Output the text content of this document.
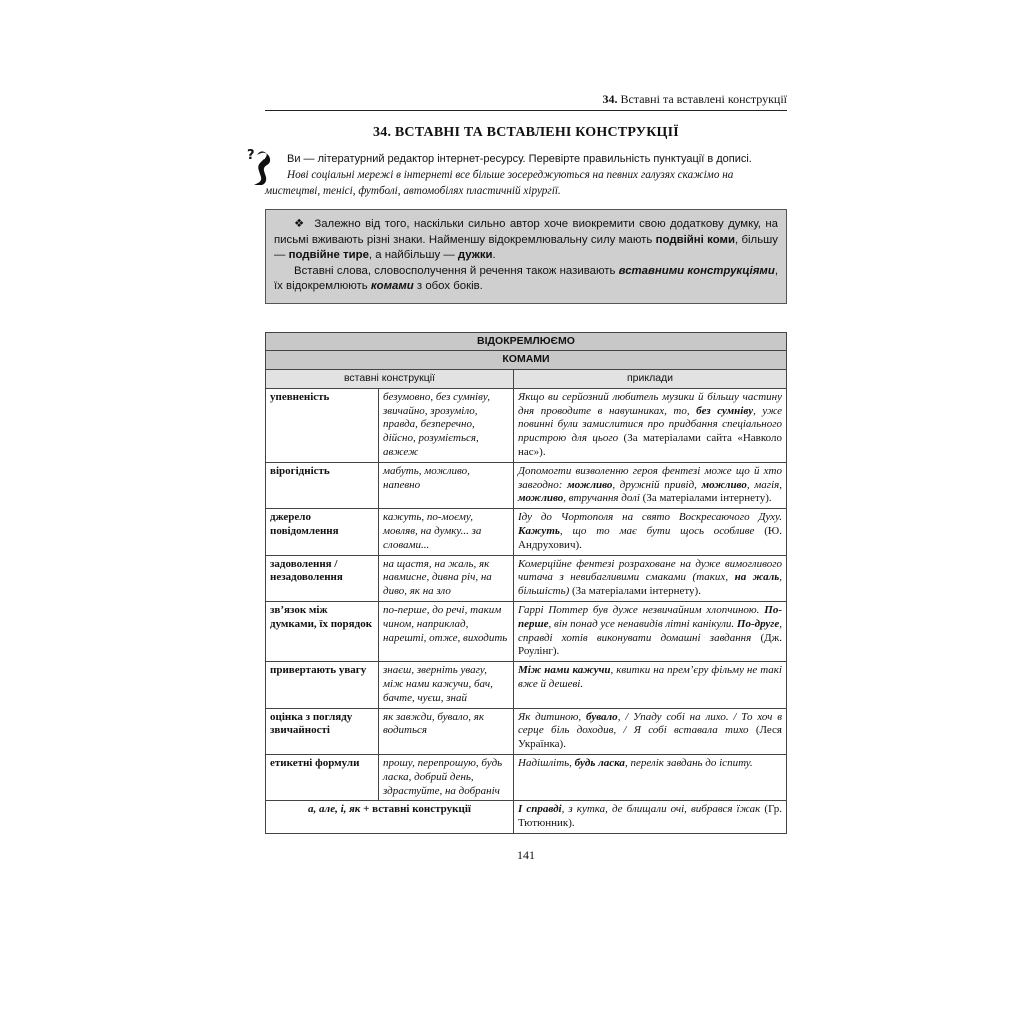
34. Вставні та вставлені конструкції
34. ВСТАВНІ ТА ВСТАВЛЕНІ КОНСТРУКЦІЇ
?	Ви — літературний редактор інтернет-ресурсу. Перевірте правильність пунктуації в дописі.
Нові соціальні мережі в інтернеті все більше зосереджуються на певних галузях скажімо на мистецтві, тенісі, футболі, автомобілях пластичній хірургії.

❖ Залежно від того, наскільки сильно автор хоче виокремити свою додаткову думку, на письмі вживають різні знаки. Найменшу відокремлювальну силу мають подвійні коми, більшу — подвійне тире, а найбільшу — дужки.

Вставні слова, словосполучення й речення також називають вставними конструкціями, їх відокремлюють комами з обох боків.

ВІДОКРЕМЛЮЄМО		
КОМАМИ		
вставні конструкції		приклади
упевненість	безумовно, без сумніву, звичайно, зрозуміло, правда, безперечно, дійсно, розуміється, авжеж	Якщо ви серйозний любитель музики й більшу частину дня проводите в навушниках, то, без сумніву, уже повинні були замислитися про придбання спеціального пристрою для цього (За матеріалами сайта «Навколо нас»).
вірогідність	мабуть, можливо, напевно	Допомогти визволенню героя фентезі може що й хто завгодно: можливо, дружній привід, можливо, магія, можливо, втручання долі (За матеріалами інтернету).
джерело повідомлення	кажуть, по-моєму, мовляв, на думку... за словами...	Іду до Чортополя на свято Воскресаючого Духу. Кажуть, що то має бути щось особливе (Ю. Андрухович).
задоволення / незадоволення	на щастя, на жаль, як навмисне, дивна річ, на диво, як на зло	Комерційне фентезі розраховане на дуже вимогливого читача з невибагливими смаками (таких, на жаль, більшість) (За матеріалами інтернету).
зв’язок між думками, їх порядок	по-перше, до речі, таким чином, наприклад, нарешті, отже, виходить	Гаррі Поттер був дуже незвичайним хлопчиною. По-перше, він понад усе ненавидів літні канікули. По-друге, справді хотів виконувати домашні завдання (Дж. Роулінг).
привертають увагу	знаєш, зверніть увагу, між нами кажучи, бач, бачте, чуєш, знай	Між нами кажучи, квитки на прем’єру фільму не такі вже й дешеві.
оцінка з погляду звичайності	як завжди, бувало, як водиться	Як дитиною, бувало, / Упаду собі на лихо. / То хоч в серце біль доходив, / Я собі вставала тихо (Леся Українка).
етикетні формули	прошу, перепрошую, будь ласка, добрий день, здрастуйте, на добраніч	Надішліть, будь ласка, перелік завдань до іспиту.
а, але, і, як + вставні конструкції		І справді, з кутка, де блищали очі, вибрався їжак (Гр. Тютюнник).
141
